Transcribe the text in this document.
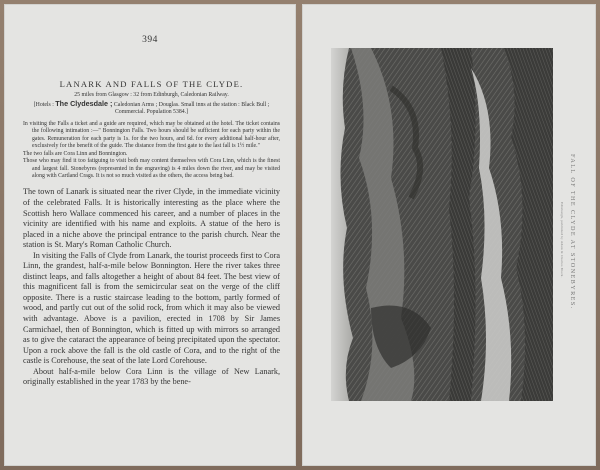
394
LANARK AND FALLS OF THE CLYDE.
25 miles from Glasgow : 32 from Edinburgh, Caledonian Railway.
[Hotels : The Clydesdale ; Caledonian Arms ; Douglas. Small inns at the station : Black Bull ; Commercial. Population 5384.]
In visiting the Falls a ticket and a guide are required, which may be obtained at the hotel. The ticket contains the following intimation :—" Bonnington Falls. Two hours should be sufficient for each party within the gates. Remuneration for each party is 1s. for the two hours, and 6d. for every additional half-hour after, exclusively for the benefit of the guide. The distance from the first gate to the last fall is 1½ mile."
The two falls are Cora Linn and Bonnington.
Those who may find it too fatiguing to visit both may content themselves with Cora Linn, which is the finest and largest fall. Stonebyres (represented in the engraving) is 4 miles down the river, and may be visited along with Cartland Crags. It is not so much visited as the others, the access being bad.

The town of Lanark is situated near the river Clyde, in the immediate vicinity of the celebrated Falls. It is historically interesting as the place where the Scottish hero Wallace commenced his career, and a number of places in the vicinity are identified with his name and exploits. A statue of the hero is placed in a niche above the principal entrance to the parish church. Near the station is St. Mary's Roman Catholic Church.

In visiting the Falls of Clyde from Lanark, the tourist proceeds first to Cora Linn, the grandest, half-a-mile below Bonnington. Here the river takes three distinct leaps, and falls altogether a height of about 84 feet. The best view of this magnificent fall is from the semicircular seat on the verge of the cliff opposite. There is a rustic staircase leading to the bottom, partly formed of wood, and partly cut out of the solid rock, from which it may also be viewed with advantage. Above is a pavilion, erected in 1708 by Sir James Carmichael, then of Bonnington, which is fitted up with mirrors so arranged as to give the cataract the appearance of being precipitated upon the spectator. Upon a rock above the fall is the old castle of Cora, and to the right of the castle is Corehouse, the seat of the late Lord Corehouse.

About half-a-mile below Cora Linn is the village of New Lanark, originally established in the year 1783 by the bene-

FALL OF THE CLYDE AT STONEBYRES.
Edinburgh, published by Adam & Charles Black.
